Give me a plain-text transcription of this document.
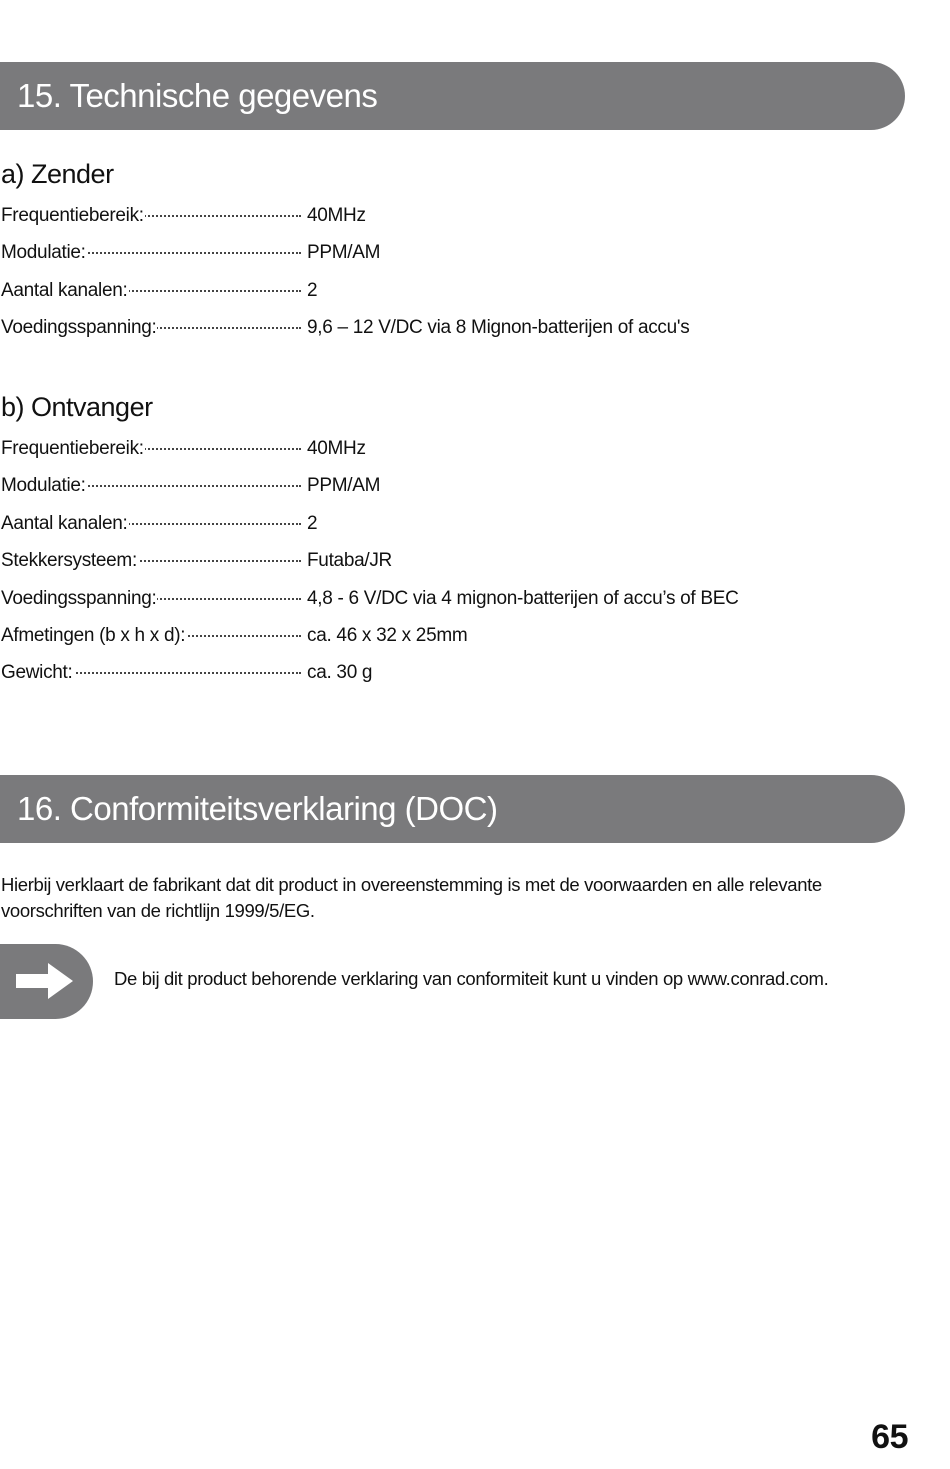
15. Technische gegevens
a) Zender
Frequentiebereik:	40MHz
Modulatie:	PPM/AM
Aantal kanalen:	2
Voedingsspanning:	9,6 – 12 V/DC via 8 Mignon-batterijen of accu's
b) Ontvanger
Frequentiebereik:	40MHz
Modulatie:	PPM/AM
Aantal kanalen:	2
Stekkersysteem:	Futaba/JR
Voedingsspanning:	4,8 - 6 V/DC via 4 mignon-batterijen of accu’s of BEC
Afmetingen (b x h x d):	ca. 46 x 32 x 25mm
Gewicht:	ca. 30 g
16. Conformiteitsverklaring (DOC)
Hierbij verklaart de fabrikant dat dit product in overeenstemming is met de voorwaarden en alle relevante voorschriften van de richtlijn 1999/5/EG.
De bij dit product behorende verklaring van conformiteit kunt u vinden op www.conrad.com.
65
